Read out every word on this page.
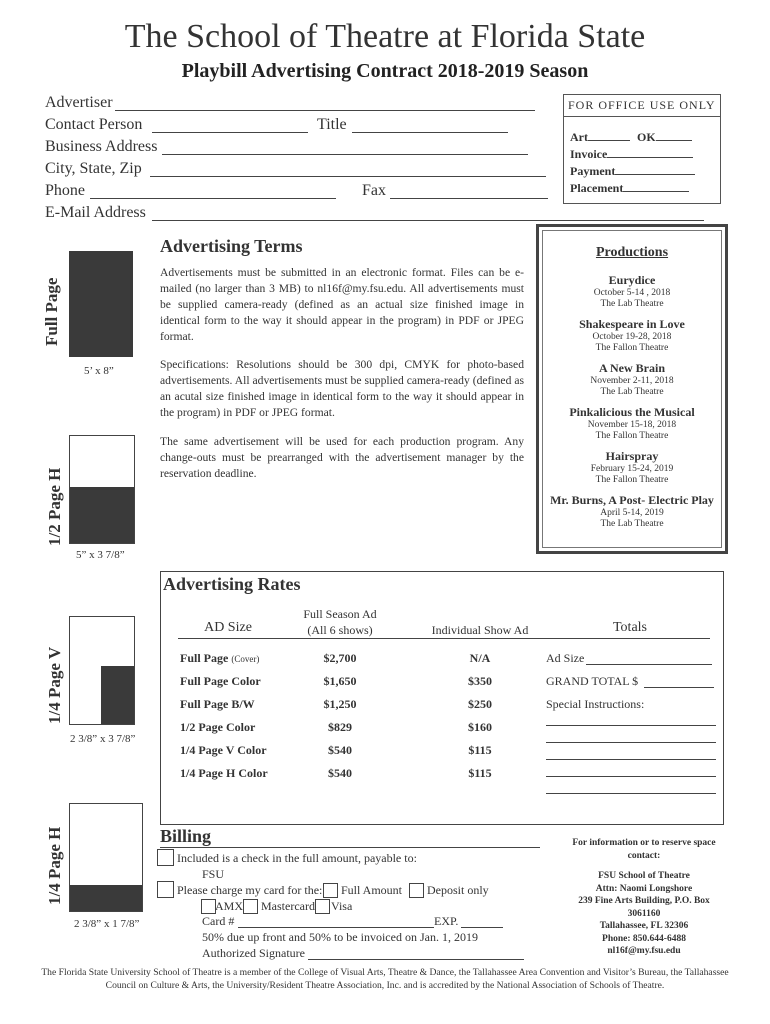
The School of Theatre at Florida State
Playbill Advertising Contract 2018-2019 Season
Advertiser
Contact Person	Title
Business Address
City, State, Zip
Phone	Fax
E-Mail Address
FOR OFFICE USE ONLY
Art	OK
Invoice
Payment
Placement
Full Page
5’ x 8”
1/2 Page H
5” x 3 7/8”
1/4 Page V
2 3/8” x 3 7/8”
1/4 Page H
2 3/8” x 1 7/8”
Advertising Terms
Advertisements must be submitted in an electronic format. Files can be e-mailed (no larger than 3 MB) to nl16f@my.fsu.edu. All advertisements must be supplied camera-ready (defined as an actual size finished image in identical form to the way it should appear in the program) in PDF or JPEG format.
Specifications: Resolutions should be 300 dpi, CMYK for photo-based advertisements. All advertisements must be supplied camera-ready (defined as an acutal size finished image in identical form to the way it should appear in the program) in PDF or JPEG format.
The same advertisement will be used for each production program. Any change-outs must be prearranged with the advertisement manager by the reservation deadline.
Productions
Eurydice
October 5-14 , 2018
The Lab Theatre
Shakespeare in Love
October 19-28, 2018
The Fallon Theatre
A New Brain
November 2-11, 2018
The Lab Theatre
Pinkalicious the Musical
November 15-18, 2018
The Fallon Theatre
Hairspray
February 15-24, 2019
The Fallon Theatre
Mr. Burns, A Post- Electric Play
April 5-14, 2019
The Lab Theatre
Advertising Rates
AD Size
Full Season Ad
(All 6 shows)	Individual Show Ad	Totals
Full Page (Cover)	$2,700	N/A
Full Page Color	$1,650	$350
Full Page B/W	$1,250	$250
1/2 Page Color	$829	$160
1/4 Page V Color	$540	$115
1/4 Page H Color	$540	$115
Ad Size
GRAND TOTAL $
Special Instructions:
Billing
Included is a check in the full amount, payable to:
FSU
Please charge my card for the: Full Amount Deposit only
AMX Mastercard Visa
Card #	EXP.
50% due up front and 50% to be invoiced on Jan. 1, 2019
Authorized Signature
For information or to reserve space contact:
FSU School of Theatre
Attn: Naomi Longshore
239 Fine Arts Building, P.O. Box
3061160
Tallahassee, FL 32306
Phone: 850.644-6488
nl16f@my.fsu.edu
The Florida State University School of Theatre is a member of the College of Visual Arts, Theatre & Dance, the Tallahassee Area Convention and Visitor’s Bureau, the Tallahassee Council on Culture & Arts, the University/Resident Theatre Association, Inc. and is accredited by the National Association of Schools of Theatre.
